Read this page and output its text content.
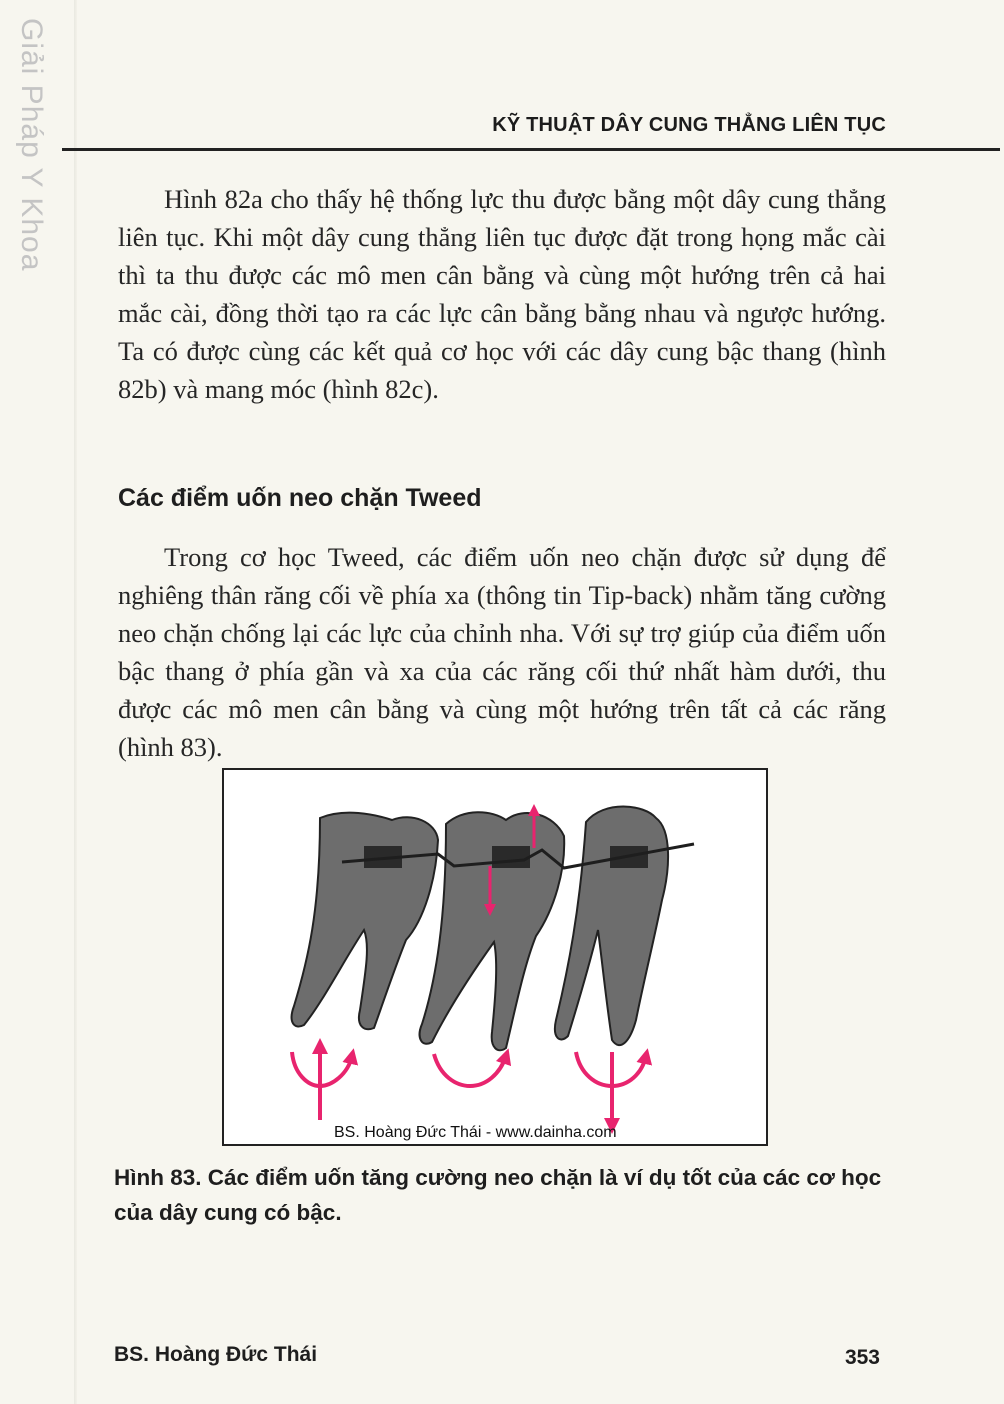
Giải Pháp Y Khoa	KỸ THUẬT DÂY CUNG THẲNG LIÊN TỤC

Hình 82a cho thấy hệ thống lực thu được bằng một dây cung thẳng liên tục. Khi một dây cung thẳng liên tục được đặt trong họng mắc cài thì ta thu được các mô men cân bằng và cùng một hướng trên cả hai mắc cài, đồng thời tạo ra các lực cân bằng bằng nhau và ngược hướng. Ta có được cùng các kết quả cơ học với các dây cung bậc thang (hình 82b) và mang móc (hình 82c).

Các điểm uốn neo chặn Tweed

Trong cơ học Tweed, các điểm uốn neo chặn được sử dụng để nghiêng thân răng cối về phía xa (thông tin Tip-back) nhằm tăng cường neo chặn chống lại các lực của chỉnh nha. Với sự trợ giúp của điểm uốn bậc thang ở phía gần và xa của các răng cối thứ nhất hàm dưới, thu được các mô men cân bằng và cùng một hướng trên tất cả các răng (hình 83).

BS. Hoàng Đức Thái - www.dainha.com

Hình 83. Các điểm uốn tăng cường neo chặn là ví dụ tốt của các cơ học của dây cung có bậc.

BS. Hoàng Đức Thái	353
